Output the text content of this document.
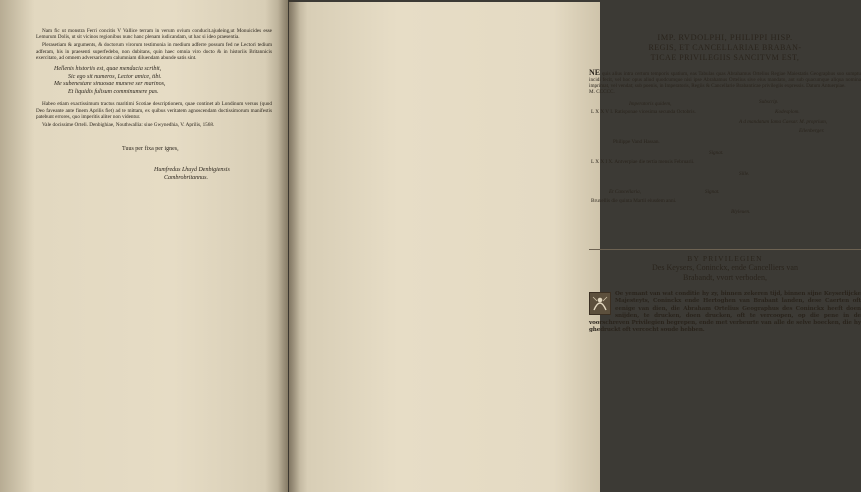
Nam fic ut monstra Ferri concitis V Vallice terram in verum ovium conducit.ajudeing,ut Monuicides esse Lemurum Dolis, ut sit vicinos regionibus nunc hanc plenam iudicandam, ut hac si ideo praesentia.

Plerasetiam & arguments, & doctorum virorum testimonia in medium adferre possum fed ne Lectori tedium adferam, his in praesenti superfedebo, non dubitans, quin haec omnia viro docto & in historiis Britannicis exercitato, ad omnem adversariorum calumniam diluendam abunde satis sint.

Hellenis historiis est, quae mendacia scribit,
Sic ego sit numeros, Lector amice, tibi.
Me subenestare sinuosae muneve ser marinos,
Et liquidis fulisum comminumere pas.

Habeo etiam exactissimum tractus maritimi Scotiae descriptionem, quae continet ab Londinum versus (quod Deo faveante ante finem Aprilis fiet) ad te mittam, ex quibus veritatem agnoscendam doctissimorum manifestis patebunt errores, quo imperitis aliter non videntur.

Vale docissime Orteli. Denbighiae, Nouthwallia: siue Gwynedhia, V. Aprilis, 1568.

Tuus per fixa per ignes,
Humfredus Lhuyd Denbigiensis
Cambrobritannus.
IMP. RVDOLPHI, PHILIPPI HISP.
REGIS, ET CANCELLARIAE BRABAN-
TICAE PRIVILEGIIS SANCITVM EST,
NE quis alius intra certum temporis spatium, eas Tabulas quas Abrahamus Ortelius Regiae Maiestatis Geographus suo sumptu incidi fecit, vel hoc opus aliud quodcumque nisi ipse Abrahamus Ortelius sive eius mandato, aut sub quacumque aliqua nomina imprimat, vel vendat; sub poenis, in Imperatoris, Regiis & Cancellarie Brabanticae privilegiis expressis. Datum Antuerpiae.
M. CCCCC.
Imperatoris quidem,	Subscrip.
L X X V I. Ratisponae vicesima secunda Octobris.	Kodesplom.
A d mandatum Iama Caesar. M. proprium,
Ellenberger.
Philippe Vand Hassan.
Signat.
L X X I X. Antverpiae die tertia mensis Februarii.
Sille.
Et Cancellaria,	Signat.
Bruxellis die quinta Martii eiusdem anni.
Blyleuen.
BY PRIVILEGIEN
Des Keysers, Coninckx, ende Cancelliers van
Brabandt, vvort verboden,
Oe yemant van wat conditie hy zy, binnen zekeren tijd, binnen sijne Keyserlijcke Majesteyts, Coninckx ende Hertoghen van Brabant landen, dese Caerten oft eenige van dien, die Abraham Ortelius Geographus des Coninckx heeft doen snijden, te drucken, doen drucken, oft te vercoopen, op die pene in de voorschreven Privilegien begrepen, ende met verbeurte van alle de selve boecken, die hy ghedruckt oft vercocht soude hebben.
